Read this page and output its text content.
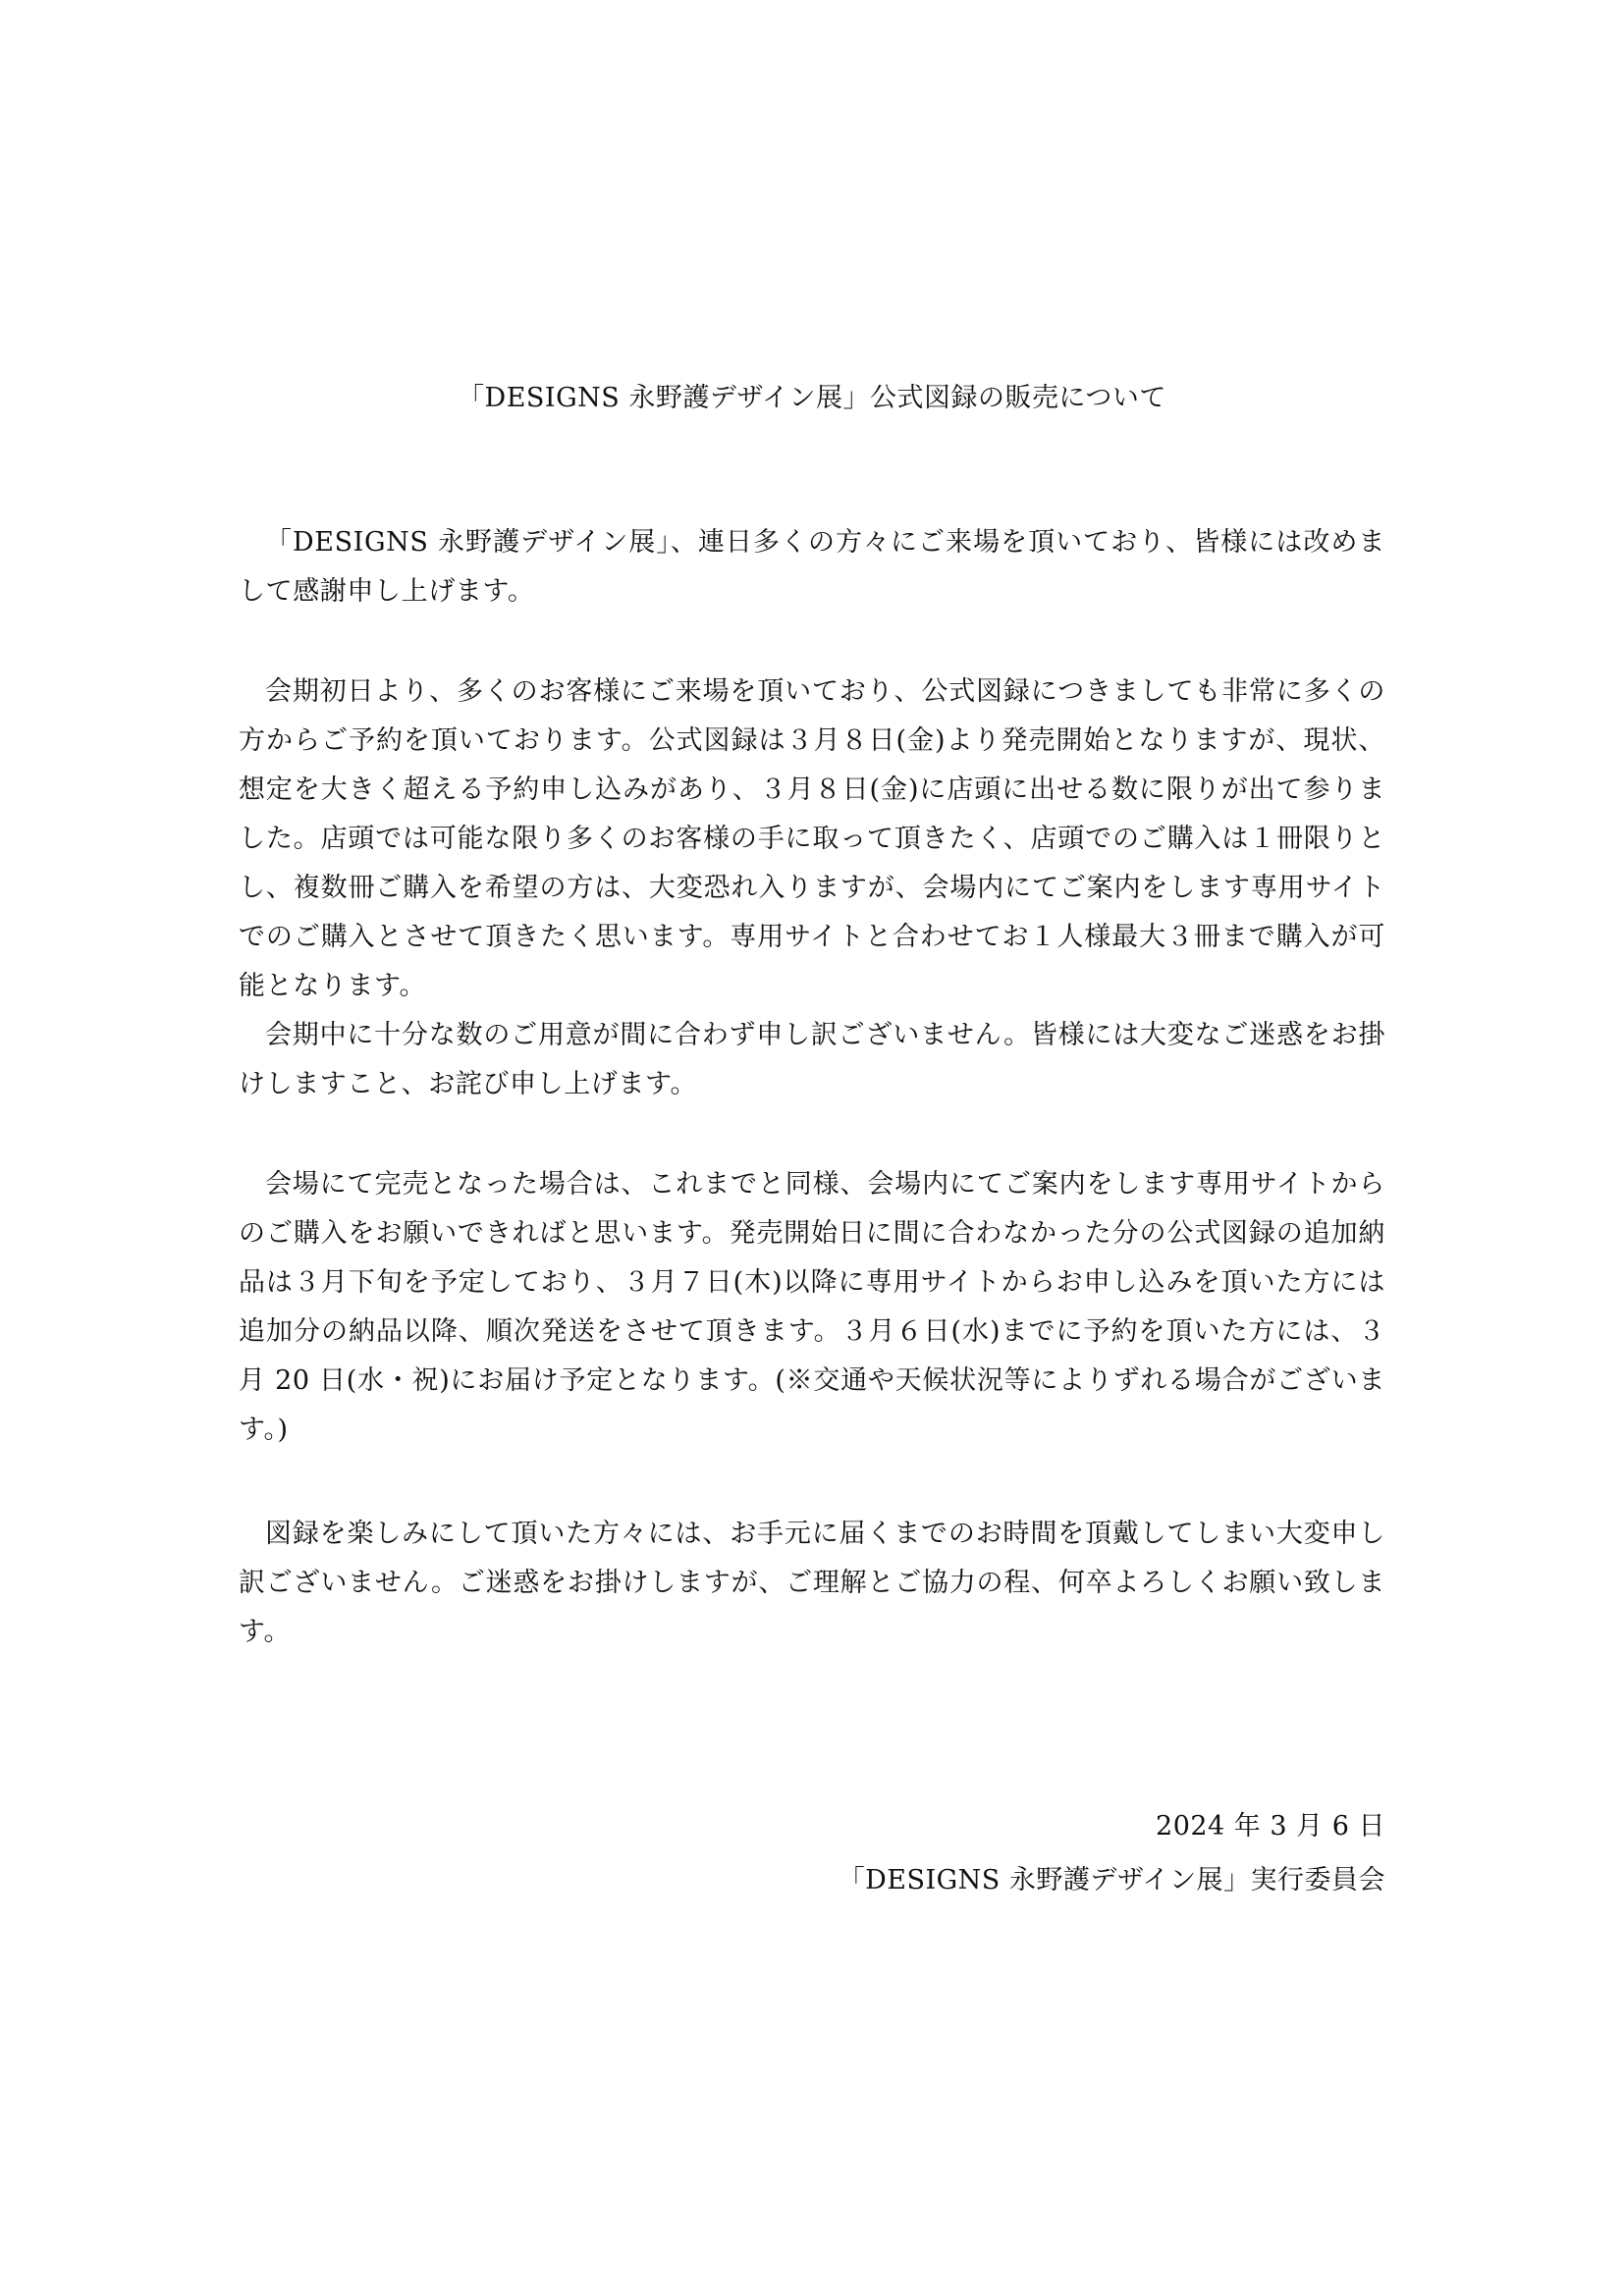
「DESIGNS 永野護デザイン展」公式図録の販売について

「DESIGNS 永野護デザイン展」、連日多くの方々にご来場を頂いており、皆様には改めまして感謝申し上げます。

会期初日より、多くのお客様にご来場を頂いており、公式図録につきましても非常に多くの方からご予約を頂いております。公式図録は３月８日(金)より発売開始となりますが、現状、想定を大きく超える予約申し込みがあり、３月８日(金)に店頭に出せる数に限りが出て参りました。店頭では可能な限り多くのお客様の手に取って頂きたく、店頭でのご購入は１冊限りとし、複数冊ご購入を希望の方は、大変恐れ入りますが、会場内にてご案内をします専用サイトでのご購入とさせて頂きたく思います。専用サイトと合わせてお１人様最大３冊まで購入が可能となります。

会期中に十分な数のご用意が間に合わず申し訳ございません。皆様には大変なご迷惑をお掛けしますこと、お詫び申し上げます。

会場にて完売となった場合は、これまでと同様、会場内にてご案内をします専用サイトからのご購入をお願いできればと思います。発売開始日に間に合わなかった分の公式図録の追加納品は３月下旬を予定しており、３月７日(木)以降に専用サイトからお申し込みを頂いた方には追加分の納品以降、順次発送をさせて頂きます。３月６日(水)までに予約を頂いた方には、３月 20 日(水・祝)にお届け予定となります。(※交通や天候状況等によりずれる場合がございます。)

図録を楽しみにして頂いた方々には、お手元に届くまでのお時間を頂戴してしまい大変申し訳ございません。ご迷惑をお掛けしますが、ご理解とご協力の程、何卒よろしくお願い致します。

2024 年 3 月 6 日
「DESIGNS 永野護デザイン展」実行委員会
